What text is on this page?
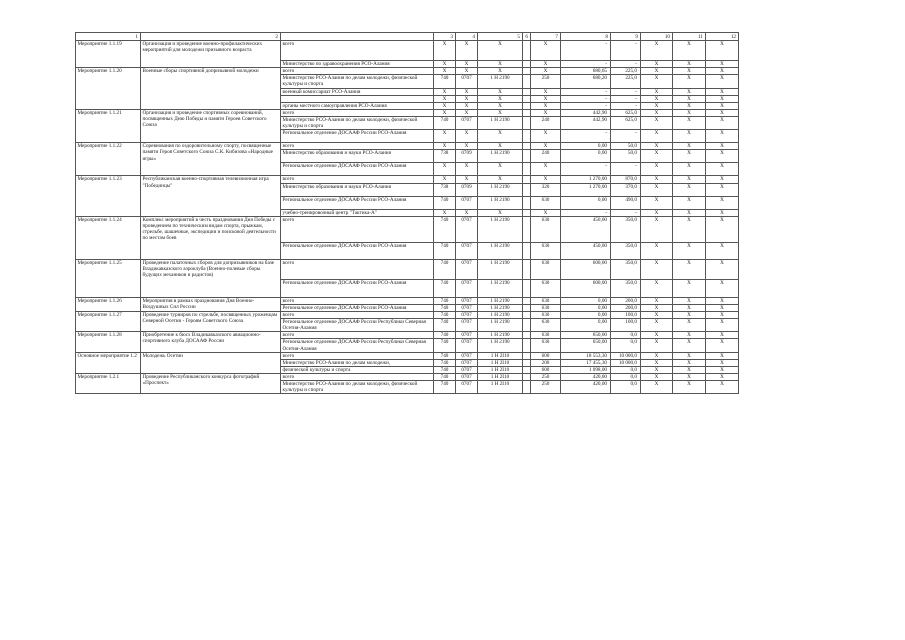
1	2		3	4	5	6	7	8	9	10	11	12
Мероприятие 1.1.19	Организация и проведение военно-профилактических мероприятий для молодежи призывного возраста	всего	X	X	X		X	-	-	X	X	X
		Министерство по здравоохранения РСО-Алания	X	X	X		X	-	-	X	X	X
Мероприятие 1.1.20	Военные сборы спортивной допризывной молодежи	всего	X	X	X		X	680,65	225,0	X	X	X
		Министерство РСО-Алания по делам молодежи, физической культуры и спорта	740	0707	1 Н 2190		250	680,20	225,0	X	X	X
		военный комиссариат РСО-Алания	X	X	X		X	-	-	X	X	X
			X	X	X		X	-	-	X	X	X
		органы местного самоуправления РСО-Алания	X	X	X		X	-	-	X	X	X
Мероприятие 1.1.21	Организация и проведение спортивных соревнований, посвященных Дню Победы и памяти Героев Советского Союза	всего	X	X	X		X	442,90	625,0	X	X	X
		Министерство РСО-Алания по делам молодежи, физической культуры и спорта	740	0707	1 Н 2190		240	442,90	625,0	X	X	X
		Региональное отделение ДОСААФ России РСО-Алания	X	X	X		X	-	-	X	X	X
Мероприятие 1.1.22	Соревнования по оздоровительному спорту, посвященные памяти Героя Советского Союза С.К. Кибизова «Народные игры»	всего	X	X	X		X	0,00	50,0	X	X	X
		Министерство образования и науки РСО-Алания	738	0709	1 Н 2190		240	0,00	50,0	X	X	X
		Региональное отделение ДОСААФ России РСО-Алания	X	X	X		X	-	-	X	X	X
Мероприятие 1.1.23	Республиканская военно-спортивная телевизионная игра "Побединцы"	всего	X	X	X		X	1 270,00	870,0	X	X	X
		Министерство образования и науки РСО-Алания	738	0709	1 Н 2190		320	1 270,00	370,0	X	X	X
		Региональное отделение ДОСААФ России РСО-Алания	740	0707	1 Н 2190		630	0,00	490,0	X	X	X
		учебно-тренировочный центр "Тактика-А"	X	X	X		X	-	-	X	X	X
Мероприятие 1.1.24	Комплекс мероприятий в честь празднования Дня Победы с проведением по техническим видам спорта, прыжкам, стрельбе, шашечные, экспедиции и поисковой деятельности по местам боев	всего	740	0707	1 Н 2190		630	450,00	350,0	X	X	X
		Региональное отделение ДОСААФ России РСО-Алания	740	0707	1 Н 2190		630	450,00	350,0	X	X	X
Мероприятие 1.1.25	Проведение палаточных сборов для допризывников на базе Владикавказского аэроклуба (Военно-полевые сборы будущих механиков и радистов)	всего	740	0707	1 Н 2190		630	600,00	350,0	X	X	X
		Региональное отделение ДОСААФ России РСО-Алания	740	0707	1 Н 2190		630	600,00	350,0	X	X	X
Мероприятие 1.1.26	Мероприятия в рамках празднования Дня Военно-Воздушных Сил России	всего	740	0707	1 Н 2190		630	0,00	200,0	X	X	X
		Региональное отделение ДОСААФ России РСО-Алания	740	0707	1 Н 2190		630	0,00	200,0	X	X	X
Мероприятие 1.1.27	Проведение турниров по стрельбе, посвященных уроженцам Северной Осетии - Героям Советского Союза	всего	740	0707	1 Н 2190		630	0,00	100,0	X	X	X
		Региональное отделение ДОСААФ России Республики Северная Осетия-Алания	740	0707	1 Н 2190		630	0,00	100,0	X	X	X
Мероприятие 1.1.28	Приобретение к бюсх Владикавказского авиационно-спортивного клуба ДОСААФ России	всего	740	0707	1 Н 2190		630	650,00	0,0	X	X	X
		Региональное отделение ДОСААФ России Республики Северная Осетия-Алания	740	0707	1 Н 2190		630	650,00	0,0	X	X	X
Основное мероприятие 1.2	Молодежь Осетии	всего	740	0707	1 Н 2I10		600	18 553,30	10 000,0	X	X	X
		Министерство РСО-Алания по делам молодежи,	740	0707	1 Н 2I10		200	17 455,30	10 000,0	X	X	X
		физической культуры и спорта	740	0707	1 Н 2I10		600	1 098,00	0,0	X	X	X
Мероприятие 1.2.1	Проведение Республиканского конкурса фотографий «Проспект»	всего	740	0707	1 Н 2I10		250	420,00	0,0	X	X	X
		Министерство РСО-Алания по делам молодежи, физической культуры и спорта	740	0707	1 Н 2I10		250	420,00	0,0	X	X	X
